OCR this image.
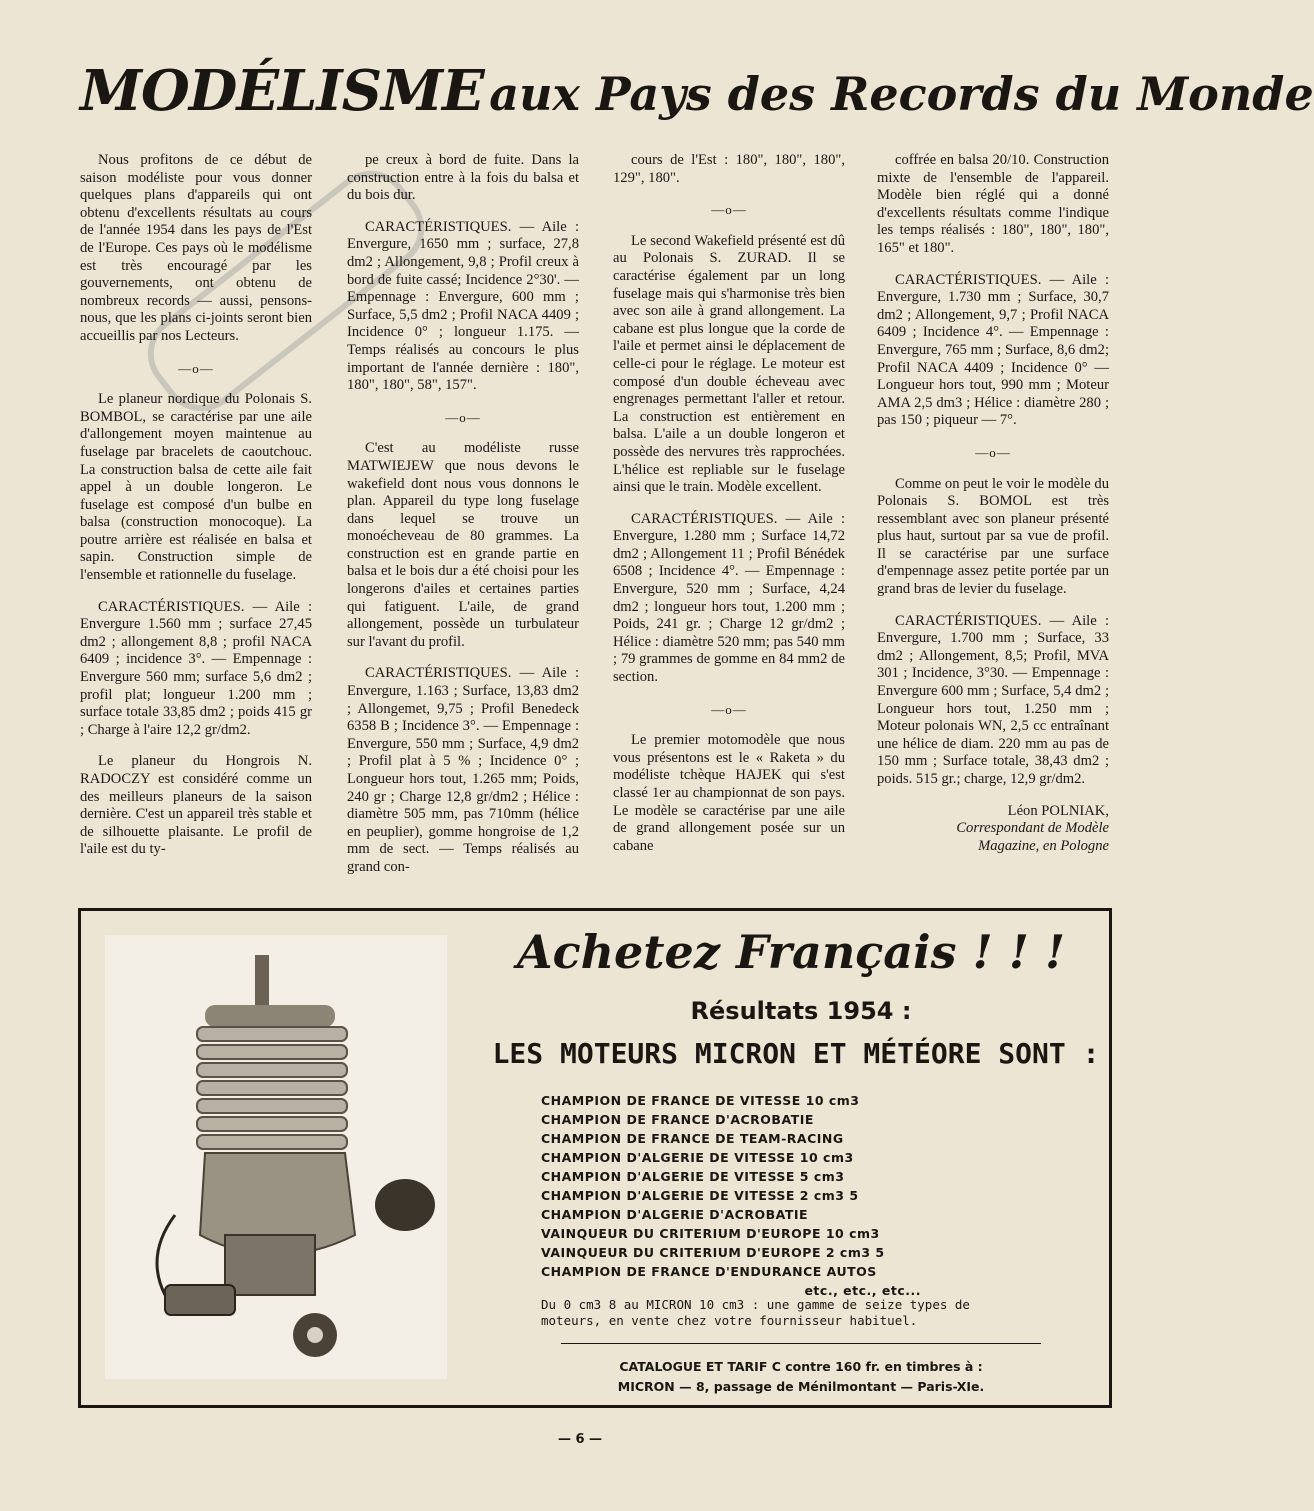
MODÉLISME aux Pays des Records du Monde

Nous profitons de ce début de saison modéliste pour vous donner quelques plans d'appareils qui ont obtenu d'excellents résultats au cours de l'année 1954 dans les pays de l'Est de l'Europe. Ces pays où le modélisme est très encouragé par les gouvernements, ont obtenu de nombreux records — aussi, pensons-nous, que les plans ci-joints seront bien accueillis par nos Lecteurs.

—o—

Le planeur nordique du Polonais S. BOMBOL, se caractérise par une aile d'allongement moyen maintenue au fuselage par bracelets de caoutchouc. La construction balsa de cette aile fait appel à un double longeron. Le fuselage est composé d'un bulbe en balsa (construction monocoque). La poutre arrière est réalisée en balsa et sapin. Construction simple de l'ensemble et rationnelle du fuselage.

CARACTÉRISTIQUES. — Aile : Envergure 1.560 mm ; surface 27,45 dm2 ; allongement 8,8 ; profil NACA 6409 ; incidence 3°. — Empennage : Envergure 560 mm; surface 5,6 dm2 ; profil plat; longueur 1.200 mm ; surface totale 33,85 dm2 ; poids 415 gr ; Charge à l'aire 12,2 gr/dm2.

Le planeur du Hongrois N. RADOCZY est considéré comme un des meilleurs planeurs de la saison dernière. C'est un appareil très stable et de silhouette plaisante. Le profil de l'aile est du ty-

pe creux à bord de fuite. Dans la construction entre à la fois du balsa et du bois dur.

CARACTÉRISTIQUES. — Aile : Envergure, 1650 mm ; surface, 27,8 dm2 ; Allongement, 9,8 ; Profil creux à bord de fuite cassé; Incidence 2°30'. — Empennage : Envergure, 600 mm ; Surface, 5,5 dm2 ; Profil NACA 4409 ; Incidence 0° ; longueur 1.175. — Temps réalisés au concours le plus important de l'année dernière : 180", 180", 180", 58", 157".

—o—

C'est au modéliste russe MATWIEJEW que nous devons le wakefield dont nous vous donnons le plan. Appareil du type long fuselage dans lequel se trouve un monoécheveau de 80 grammes. La construction est en grande partie en balsa et le bois dur a été choisi pour les longerons d'ailes et certaines parties qui fatiguent. L'aile, de grand allongement, possède un turbulateur sur l'avant du profil.

CARACTÉRISTIQUES. — Aile : Envergure, 1.163 ; Surface, 13,83 dm2 ; Allongemet, 9,75 ; Profil Benedeck 6358 B ; Incidence 3°. — Empennage : Envergure, 550 mm ; Surface, 4,9 dm2 ; Profil plat à 5 % ; Incidence 0° ; Longueur hors tout, 1.265 mm; Poids, 240 gr ; Charge 12,8 gr/dm2 ; Hélice : diamètre 505 mm, pas 710mm (hélice en peuplier), gomme hongroise de 1,2 mm de sect. — Temps réalisés au grand con-

cours de l'Est : 180", 180", 180", 129", 180".

—o—

Le second Wakefield présenté est dû au Polonais S. ZURAD. Il se caractérise également par un long fuselage mais qui s'harmonise très bien avec son aile à grand allongement. La cabane est plus longue que la corde de l'aile et permet ainsi le déplacement de celle-ci pour le réglage. Le moteur est composé d'un double écheveau avec engrenages permettant l'aller et retour. La construction est entièrement en balsa. L'aile a un double longeron et possède des nervures très rapprochées. L'hélice est repliable sur le fuselage ainsi que le train. Modèle excellent.

CARACTÉRISTIQUES. — Aile : Envergure, 1.280 mm ; Surface 14,72 dm2 ; Allongement 11 ; Profil Bénédek 6508 ; Incidence 4°. — Empennage : Envergure, 520 mm ; Surface, 4,24 dm2 ; longueur hors tout, 1.200 mm ; Poids, 241 gr. ; Charge 12 gr/dm2 ; Hélice : diamètre 520 mm; pas 540 mm ; 79 grammes de gomme en 84 mm2 de section.

—o—

Le premier motomodèle que nous vous présentons est le « Raketa » du modéliste tchèque HAJEK qui s'est classé 1er au championnat de son pays. Le modèle se caractérise par une aile de grand allongement posée sur un cabane

coffrée en balsa 20/10. Construction mixte de l'ensemble de l'appareil. Modèle bien réglé qui a donné d'excellents résultats comme l'indique les temps réalisés : 180", 180", 180", 165" et 180".

CARACTÉRISTIQUES. — Aile : Envergure, 1.730 mm ; Surface, 30,7 dm2 ; Allongement, 9,7 ; Profil NACA 6409 ; Incidence 4°. — Empennage : Envergure, 765 mm ; Surface, 8,6 dm2; Profil NACA 4409 ; Incidence 0° — Longueur hors tout, 990 mm ; Moteur AMA 2,5 dm3 ; Hélice : diamètre 280 ; pas 150 ; piqueur — 7°.

—o—

Comme on peut le voir le modèle du Polonais S. BOMOL est très ressemblant avec son planeur présenté plus haut, surtout par sa vue de profil. Il se caractérise par une surface d'empennage assez petite portée par un grand bras de levier du fuselage.

CARACTÉRISTIQUES. — Aile : Envergure, 1.700 mm ; Surface, 33 dm2 ; Allongement, 8,5; Profil, MVA 301 ; Incidence, 3°30. — Empennage : Envergure 600 mm ; Surface, 5,4 dm2 ; Longueur hors tout, 1.250 mm ; Moteur polonais WN, 2,5 cc entraînant une hélice de diam. 220 mm au pas de 150 mm ; Surface totale, 38,43 dm2 ; poids. 515 gr.; charge, 12,9 gr/dm2.

Léon POLNIAK,

Correspondant de Modèle
Magazine, en Pologne

Achetez Français ! ! !
Résultats 1954 :
LES MOTEURS MICRON ET MÉTÉORE SONT :
CHAMPION DE FRANCE DE VITESSE 10 cm3
CHAMPION DE FRANCE D'ACROBATIE
CHAMPION DE FRANCE DE TEAM-RACING
CHAMPION D'ALGERIE DE VITESSE 10 cm3
CHAMPION D'ALGERIE DE VITESSE 5 cm3
CHAMPION D'ALGERIE DE VITESSE 2 cm3 5
CHAMPION D'ALGERIE D'ACROBATIE
VAINQUEUR DU CRITERIUM D'EUROPE 10 cm3
VAINQUEUR DU CRITERIUM D'EUROPE 2 cm3 5
CHAMPION DE FRANCE D'ENDURANCE AUTOS
etc., etc., etc...
Du 0 cm3 8 au MICRON 10 cm3 : une gamme de seize types de
moteurs, en vente chez votre fournisseur habituel.
CATALOGUE ET TARIF C contre 160 fr. en timbres à :
MICRON — 8, passage de Ménilmontant — Paris-XIe.
— 6 —
